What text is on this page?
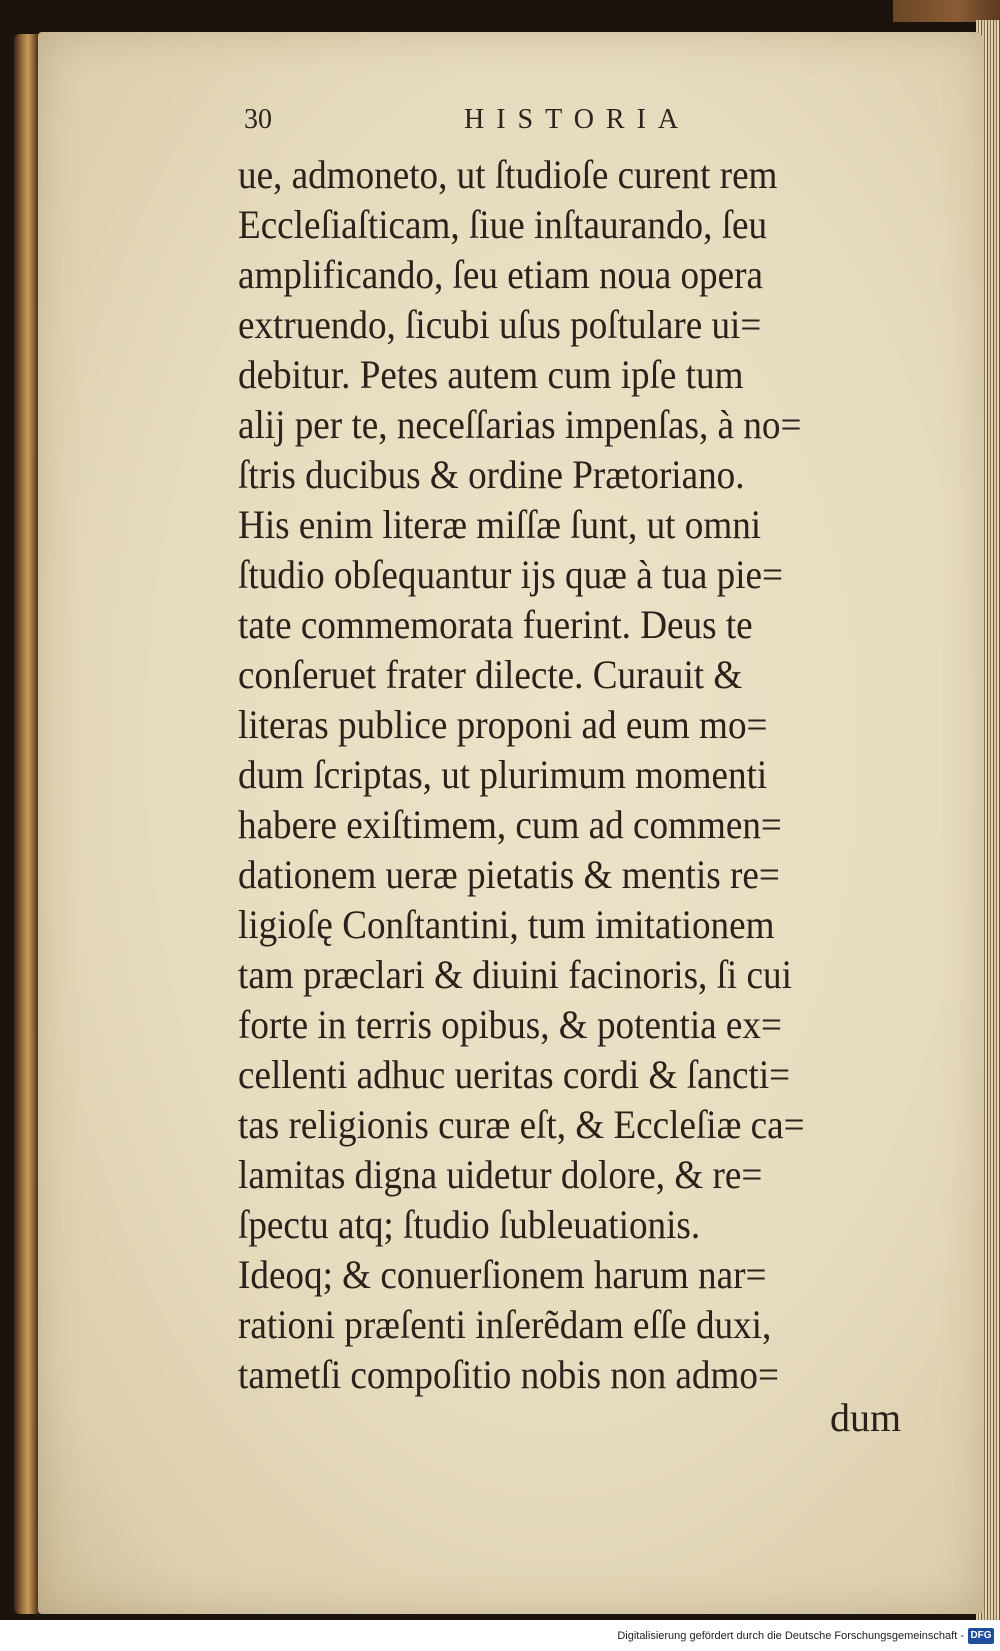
30	HISTORIA
ue, admoneto, ut ſtudioſe curent rem
Eccleſiaſticam, ſiue inſtaurando, ſeu
amplificando, ſeu etiam noua opera
extruendo, ſicubi uſus poſtulare ui=
debitur. Petes autem cum ipſe tum
alij per te, neceſſarias impenſas, à no=
ſtris ducibus & ordine Prætoriano.
His enim literæ miſſæ ſunt, ut omni
ſtudio obſequantur ijs quæ à tua pie=
tate commemorata fuerint. Deus te
conſeruet frater dilecte. Curauit &
literas publice proponi ad eum mo=
dum ſcriptas, ut plurimum momenti
habere exiſtimem, cum ad commen=
dationem ueræ pietatis & mentis re=
ligioſę Conſtantini, tum imitationem
tam præclari & diuini facinoris, ſi cui
forte in terris opibus, & potentia ex=
cellenti adhuc ueritas cordi & ſancti=
tas religionis curæ eſt, & Eccleſiæ ca=
lamitas digna uidetur dolore, & re=
ſpectu atq; ſtudio ſubleuationis.
Ideoq; & conuerſionem harum nar=
rationi præſenti inſerẽdam eſſe duxi,
tametſi compoſitio nobis non admo=
dum
Digitalisierung gefördert durch die Deutsche Forschungsgemeinschaft - DFG
